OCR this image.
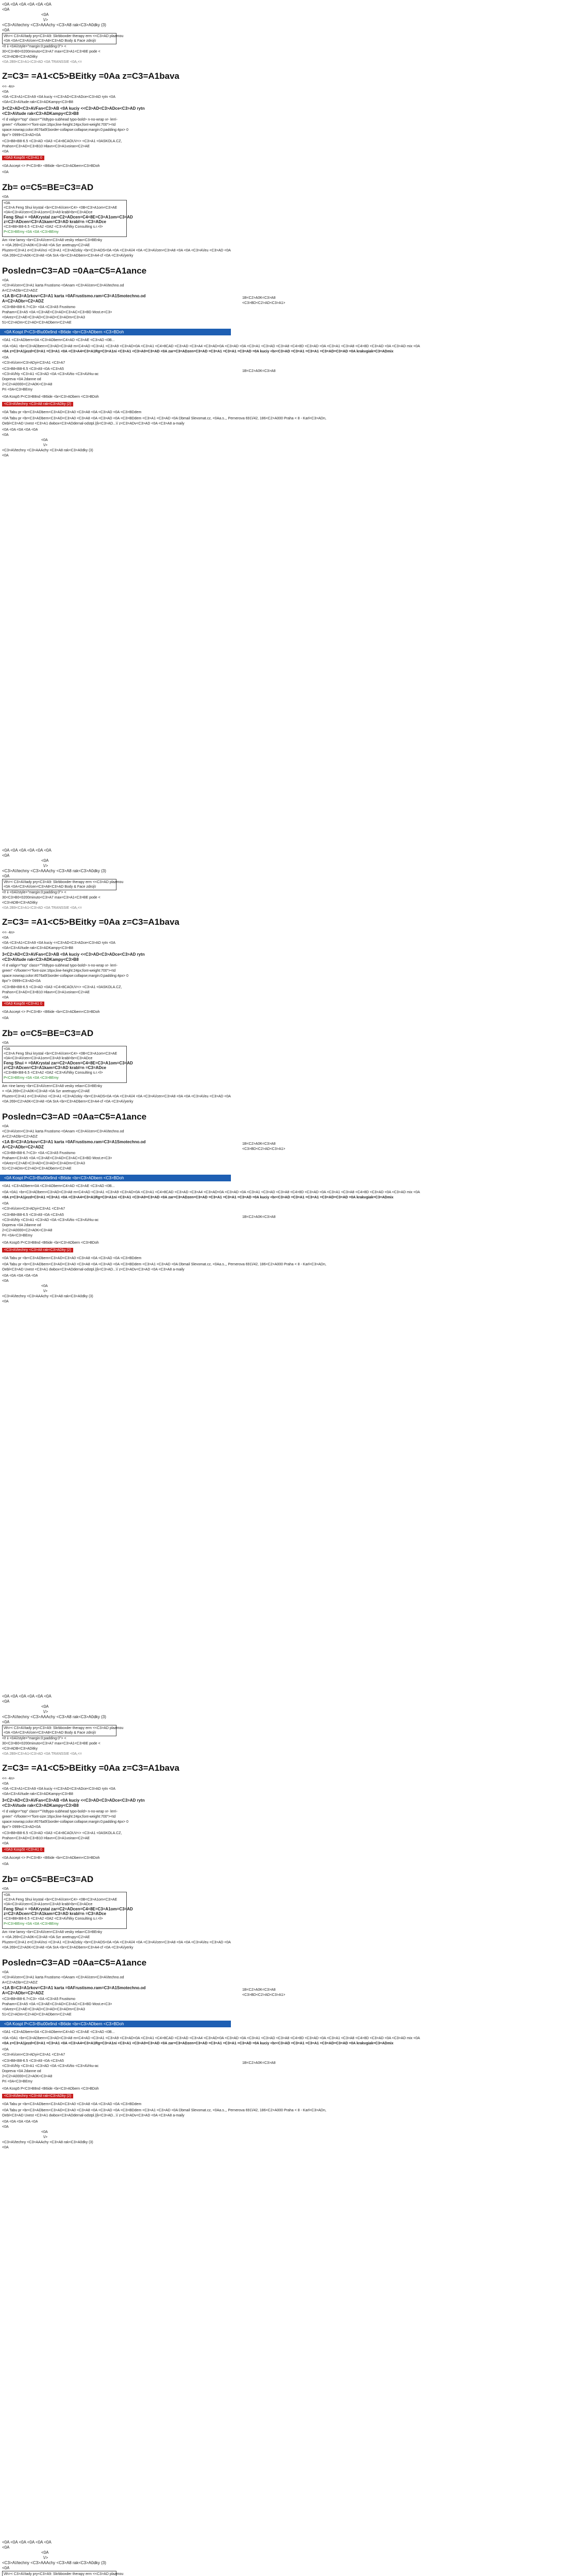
<0A <0A <0A <0A <0A <0A
<0A
<0A
\/>
<C3>A\/techny <C3>AAAchy <C3>A8 rak<C3>A0dky (3)
<0A
\/th>< C3>A\/tady pry<C3>A9: Skrbboxder therapy erm <<C3>AD plazmou
<0A <0A<C3>A\/cen<C3>A8<C3>AD Body & Face zdroj\/
<l! ii <0A\/style="margin:0;padding:0"> <
30<C3>B0<0200minuto<C3>A7 max<C3>A1<C3>BE pode <
<C3>ADB<C3>ADitky
<0A 2B9<C3>A1<C3>AD <0A TRANSSIE <0A,<=
Z=C3= =A1<C5>BEitky =0Aa z=C3=A1bava
<<- 4n>
<0A
<0A <C3>A1<C3>A9 <0A kuciy <<C3>AD<C3>ADce<C3>AD rytn <0A
<0A<C3>A\/tude rak<C3>ADKampy<C3>B8
3<C2>AD<C3>A\/Fan<C3>AB <0A kuciy <<C3>AD<C3>ADce<C3>AD rytn
<C3>A\/tude rak<C3>ADKampy<C3>B8
<l d valign="top" class=""\/tdtypo-subhead typo-bold> n-no-wrap vr- lerri-
green" <\/footer>="font-size:16px;line-height:24px;font-weight:700"><td
space:nowrap;color:#076a5f;border-collapse:collapse;margin:0;padding:4px> 0
8px"> 0999<C3>AD<0A
<C3>B8<B8-6.5 <C3>AD <0A3 <C4>8CAOUV<> <C3>A1 <0ASKOLA.CZ,
Prahon<C3>AD<C3>B10 Hlavn<C3>A1voiran<C2>AE
<0A
<0A3 Kosp5t <C3>A1 0
<0A Accept <> P<C3>B> <B6ide <br<C3>ADbern<C3>BDoh
<0A
Zb= o=C5=BE=C3=AD
<0A
<0A
<C3>A Feng Shui krystal <br<C3>A\/cen<C4> <0B<C3>A1om<C3>AE
<0A<C3>A\/cen<C3>A1om<C3>A9 krabl<br<C3>ADce
Feng Shui = =0AKrystal zar=C2=ADcen=C4=8E=C3=A1om=C3=AD
z=C2=ADcen=C3=A1kam=C3=AD krabl=n =C3=ADce
<C3>B8<B8-6.5 <C3>A2 <0A2 <C3>A\/hlky Consulting s.r.<l>
P<C3>BEmy <0A <0A <C3>BEmy
Am =ine lamry <br<C3>A\/cen<C3>A8 vesky relax<C3>BEnky
= <0A 269<C2>A0K<C3>A8 <0A Szr anetrupy<C2>AE
Pluzen<C3>A1 e<C3>A\/nci <C3>A1 <C3>ADzkiy <br<C3>ADS<0A <0A <C3>A\/4 <0A <C3>A\/cen<C3>A8 <0A <0A <C3>A\/eu <C3>AD <0A
<0A 269<C2>A0K<C3>A8 <0A SrA <br<C3>ADbern<C3>A4-cf <0A <C3>A\/yerky
Posledn=C3=AD =0Aa=C5=A1ance
<0A
<C3>A\/cen<C3>A1 karta Frustismo <0Anam <C3>A\/cen<C3>A\/techno.od
A<C2>ADbr<C2>ADZ
<1A B=C3=A1rkov=C3=A1 karta =0AFrustismo.ram=C3=A1Smotechno.od
A=C2=ADbr=C2=ADZ
<C3>B8<B8-6.7<C3> <0A <C3>A5 Frustismo
Praham<C3>A5 <0A <C3>AE<C3>AD<C3>AC<C3>BD Most.e<C3>
<0Arez<C2>AE<C3>AD<C3>AD<C3>ADm<C3>A3
51<C2>ADm<C2>AD<C3>ADbern<C2>AE
1B<C2>A0K<C3>A8
<C3>BD<C2>AD<C3>A1>
<0A Kospt P<C3>B\u00e9nd <B6ide <br<C3>ADbern <C3>BDoh
<0A1 <C3>ADbern<0A <C3>ADbem<C4>AD <C3>AE <C3>AD <0B...
<0A <0A1 <br<C3>ADbern<C3>AD<C3>A8 m<C4>AD <C3>A1 <C3>A9 <C3>AD<0A <C3>A1 <C4>8CAD <C3>AD <C3>A4 <C3>AD<0A <C3>AD <0A <C3>A1 <C3>AD <C3>A8 <C4>8D <C3>AD <0A <C3>A1 <C3>A8 <C4>8D <C3>AD <0A <C3>AD mix <0A
<0A z=C3=A1jezd=C3=A1 =C3=A1 <0A <C3>A4=C3=A1Rg=C3=A1ni <C3>A1 <C3>A0=C3=AD <0A zar=C3=ADzen=C3=AD =C3=A1 =C3=A1 =C3=AD =0A kuciy <br<C3>AD =C3=A1 =C3=A1 =C3=AD=C3=AD =0A krakvgiak=C3=ADmix
<0A
<C3>A\/cen<C3>ADyi<C3>A1 <C3>A7
<C3>B8<B8-6.5 <C3>A9 <0A <C3>A5
<C3>A\/hly <C3>A1 <C3>AD <0A <C3>A\/tio <C3>A\/rku-ac
Dopreva <0A 2danne od
2<C2>A0000<C2>A0K<C3>A8
Pri <0A<C3>BEmy
1B<C2>A0K<C3>A8
<0A Kosp5 P<C3>B8nd <B6ide <br<C3>ADbern <C3>BDoh
<C3>A\/techny <C3>A8 rak<C3>ADky (2)
<0A Tabu pr <br<C3>ADbern<C3>AD<C3>A0 <C3>A8 <0A <C3>AD <0A <C3>BDdem
<0A Tabu pr <br<C3>ADbern<C3>AD<C3>A0 <C3>A8 <0A <C3>AD <0A <C3>BDdem <C3>A1 <C3>AD <0A Dbmail Slevomat.cz, <0Aa.s.,, Pernerova 691\/42, 186<C2>A000 Praha < 8 - Karl<C3>ADn,
Oebl<C3>AD Uvest <C3>A1 dwbox<C3>ADdernal-odstpl.|(k<C3>AD...\/ z<C3>ADv<C3>AD <0A <C3>A8 a-maily
<0A <0A <0A <0A <0A
<0A
<0A
\/>
<C3>A\/techny <C3>AAAchy <C3>A8 rak<C3>A0dky (3)
<0A
<0A <0A <0A <0A <0A <0A
<0A
<0A
\/>
<C3>A\/techny <C3>AAAchy <C3>A8 rak<C3>A0dky (3)
<0A
\/th>< C3>A\/tady pry<C3>A9: Skrbboxder therapy erm <<C3>AD plazmou
<0A <0A<C3>A\/cen<C3>A8<C3>AD Body & Face zdroj\/
<l! ii <0A\/style="margin:0;padding:0"> <
30<C3>B0<0200minuto<C3>A7 max<C3>A1<C3>BE pode <
<C3>ADB<C3>ADitky
<0A 2B9<C3>A1<C3>AD <0A TRANSSIE <0A,<=
Z=C3= =A1<C5>BEitky =0Aa z=C3=A1bava
<<- 4n>
<0A
<0A <C3>A1<C3>A9 <0A kuciy <<C3>AD<C3>ADce<C3>AD rytn <0A
<0A<C3>A\/tude rak<C3>ADKampy<C3>B8
3<C2>AD<C3>A\/Fan<C3>AB <0A kuciy <<C3>AD<C3>ADce<C3>AD rytn
<C3>A\/tude rak<C3>ADKampy<C3>B8
<l d valign="top" class=""\/tdtypo-subhead typo-bold> n-no-wrap vr- lerri-
green" <\/footer>="font-size:16px;line-height:24px;font-weight:700"><td
space:nowrap;color:#076a5f;border-collapse:collapse;margin:0;padding:4px> 0
8px"> 0999<C3>AD<0A
<C3>B8<B8-6.5 <C3>AD <0A3 <C4>8CAOUV<> <C3>A1 <0ASKOLA.CZ,
Prahon<C3>AD<C3>B10 Hlavn<C3>A1voiran<C2>AE
<0A
<0A3 Kosp5t <C3>A1 0
<0A Accept <> P<C3>B> <B6ide <br<C3>ADbern<C3>BDoh
<0A
Zb= o=C5=BE=C3=AD
<0A
<0A
<C3>A Feng Shui krystal <br<C3>A\/cen<C4> <0B<C3>A1om<C3>AE
<0A<C3>A\/cen<C3>A1om<C3>A9 krabl<br<C3>ADce
Feng Shui = =0AKrystal zar=C2=ADcen=C4=8E=C3=A1om=C3=AD
z=C2=ADcen=C3=A1kam=C3=AD krabl=n =C3=ADce
<C3>B8<B8-6.5 <C3>A2 <0A2 <C3>A\/hlky Consulting s.r.<l>
P<C3>BEmy <0A <0A <C3>BEmy
Am =ine lamry <br<C3>A\/cen<C3>A8 vesky relax<C3>BEnky
= <0A 269<C2>A0K<C3>A8 <0A Szr anetrupy<C2>AE
Pluzen<C3>A1 e<C3>A\/nci <C3>A1 <C3>ADzkiy <br<C3>ADS<0A <0A <C3>A\/4 <0A <C3>A\/cen<C3>A8 <0A <0A <C3>A\/eu <C3>AD <0A
<0A 269<C2>A0K<C3>A8 <0A SrA <br<C3>ADbern<C3>A4-cf <0A <C3>A\/yerky
Posledn=C3=AD =0Aa=C5=A1ance
<0A
<C3>A\/cen<C3>A1 karta Frustismo <0Anam <C3>A\/cen<C3>A\/techno.od
A<C2>ADbr<C2>ADZ
<1A B=C3=A1rkov=C3=A1 karta =0AFrustismo.ram=C3=A1Smotechno.od
A=C2=ADbr=C2=ADZ
<C3>B8<B8-6.7<C3> <0A <C3>A5 Frustismo
Praham<C3>A5 <0A <C3>AE<C3>AD<C3>AC<C3>BD Most.e<C3>
<0Arez<C2>AE<C3>AD<C3>AD<C3>ADm<C3>A3
51<C2>ADm<C2>AD<C3>ADbern<C2>AE
1B<C2>A0K<C3>A8
<C3>BD<C2>AD<C3>A1>
<0A Kospt P<C3>B\u00e9nd <B6ide <br<C3>ADbern <C3>BDoh
<0A1 <C3>ADbern<0A <C3>ADbem<C4>AD <C3>AE <C3>AD <0B...
<0A <0A1 <br<C3>ADbern<C3>AD<C3>A8 m<C4>AD <C3>A1 <C3>A9 <C3>AD<0A <C3>A1 <C4>8CAD <C3>AD <C3>A4 <C3>AD<0A <C3>AD <0A <C3>A1 <C3>AD <C3>A8 <C4>8D <C3>AD <0A <C3>A1 <C3>A8 <C4>8D <C3>AD <0A <C3>AD mix <0A
<0A z=C3=A1jezd=C3=A1 =C3=A1 <0A <C3>A4=C3=A1Rg=C3=A1ni <C3>A1 <C3>A0=C3=AD <0A zar=C3=ADzen=C3=AD =C3=A1 =C3=A1 =C3=AD =0A kuciy <br<C3>AD =C3=A1 =C3=A1 =C3=AD=C3=AD =0A krakvgiak=C3=ADmix
<0A
<C3>A\/cen<C3>ADyi<C3>A1 <C3>A7
<C3>B8<B8-6.5 <C3>A9 <0A <C3>A5
<C3>A\/hly <C3>A1 <C3>AD <0A <C3>A\/tio <C3>A\/rku-ac
Dopreva <0A 2danne od
2<C2>A0000<C2>A0K<C3>A8
Pri <0A<C3>BEmy
1B<C2>A0K<C3>A8
<0A Kosp5 P<C3>B8nd <B6ide <br<C3>ADbern <C3>BDoh
<C3>A\/techny <C3>A8 rak<C3>ADky (2)
<0A Tabu pr <br<C3>ADbern<C3>AD<C3>A0 <C3>A8 <0A <C3>AD <0A <C3>BDdem
<0A Tabu pr <br<C3>ADbern<C3>AD<C3>A0 <C3>A8 <0A <C3>AD <0A <C3>BDdem <C3>A1 <C3>AD <0A Dbmail Slevomat.cz, <0Aa.s.,, Pernerova 691\/42, 186<C2>A000 Praha < 8 - Karl<C3>ADn,
Oebl<C3>AD Uvest <C3>A1 dwbox<C3>ADdernal-odstpl.|(k<C3>AD...\/ z<C3>ADv<C3>AD <0A <C3>A8 a-maily
<0A <0A <0A <0A <0A
<0A
<0A
\/>
<C3>A\/techny <C3>AAAchy <C3>A8 rak<C3>A0dky (3)
<0A
<0A <0A <0A <0A <0A <0A
<0A
<0A
\/>
<C3>A\/techny <C3>AAAchy <C3>A8 rak<C3>A0dky (3)
<0A
\/th>< C3>A\/tady pry<C3>A9: Skrbboxder therapy erm <<C3>AD plazmou
<0A <0A<C3>A\/cen<C3>A8<C3>AD Body & Face zdroj\/
<l! ii <0A\/style="margin:0;padding:0"> <
30<C3>B0<0200minuto<C3>A7 max<C3>A1<C3>BE pode <
<C3>ADB<C3>ADitky
<0A 2B9<C3>A1<C3>AD <0A TRANSSIE <0A,<=
Z=C3= =A1<C5>BEitky =0Aa z=C3=A1bava
<<- 4n>
<0A
<0A <C3>A1<C3>A9 <0A kuciy <<C3>AD<C3>ADce<C3>AD rytn <0A
<0A<C3>A\/tude rak<C3>ADKampy<C3>B8
3<C2>AD<C3>A\/Fan<C3>AB <0A kuciy <<C3>AD<C3>ADce<C3>AD rytn
<C3>A\/tude rak<C3>ADKampy<C3>B8
<l d valign="top" class=""\/tdtypo-subhead typo-bold> n-no-wrap vr- lerri-
green" <\/footer>="font-size:16px;line-height:24px;font-weight:700"><td
space:nowrap;color:#076a5f;border-collapse:collapse;margin:0;padding:4px> 0
8px"> 0999<C3>AD<0A
<C3>B8<B8-6.5 <C3>AD <0A3 <C4>8CAOUV<> <C3>A1 <0ASKOLA.CZ,
Prahon<C3>AD<C3>B10 Hlavn<C3>A1voiran<C2>AE
<0A
<0A3 Kosp5t <C3>A1 0
<0A Accept <> P<C3>B> <B6ide <br<C3>ADbern<C3>BDoh
<0A
Zb= o=C5=BE=C3=AD
<0A
<0A
<C3>A Feng Shui krystal <br<C3>A\/cen<C4> <0B<C3>A1om<C3>AE
<0A<C3>A\/cen<C3>A1om<C3>A9 krabl<br<C3>ADce
Feng Shui = =0AKrystal zar=C2=ADcen=C4=8E=C3=A1om=C3=AD
z=C2=ADcen=C3=A1kam=C3=AD krabl=n =C3=ADce
<C3>B8<B8-6.5 <C3>A2 <0A2 <C3>A\/hlky Consulting s.r.<l>
P<C3>BEmy <0A <0A <C3>BEmy
Am =ine lamry <br<C3>A\/cen<C3>A8 vesky relax<C3>BEnky
= <0A 269<C2>A0K<C3>A8 <0A Szr anetrupy<C2>AE
Pluzen<C3>A1 e<C3>A\/nci <C3>A1 <C3>ADzkiy <br<C3>ADS<0A <0A <C3>A\/4 <0A <C3>A\/cen<C3>A8 <0A <0A <C3>A\/eu <C3>AD <0A
<0A 269<C2>A0K<C3>A8 <0A SrA <br<C3>ADbern<C3>A4-cf <0A <C3>A\/yerky
Posledn=C3=AD =0Aa=C5=A1ance
<0A
<C3>A\/cen<C3>A1 karta Frustismo <0Anam <C3>A\/cen<C3>A\/techno.od
A<C2>ADbr<C2>ADZ
<1A B=C3=A1rkov=C3=A1 karta =0AFrustismo.ram=C3=A1Smotechno.od
A=C2=ADbr=C2=ADZ
<C3>B8<B8-6.7<C3> <0A <C3>A5 Frustismo
Praham<C3>A5 <0A <C3>AE<C3>AD<C3>AC<C3>BD Most.e<C3>
<0Arez<C2>AE<C3>AD<C3>AD<C3>ADm<C3>A3
51<C2>ADm<C2>AD<C3>ADbern<C2>AE
1B<C2>A0K<C3>A8
<C3>BD<C2>AD<C3>A1>
<0A Kospt P<C3>B\u00e9nd <B6ide <br<C3>ADbern <C3>BDoh
<0A1 <C3>ADbern<0A <C3>ADbem<C4>AD <C3>AE <C3>AD <0B...
<0A <0A1 <br<C3>ADbern<C3>AD<C3>A8 m<C4>AD <C3>A1 <C3>A9 <C3>AD<0A <C3>A1 <C4>8CAD <C3>AD <C3>A4 <C3>AD<0A <C3>AD <0A <C3>A1 <C3>AD <C3>A8 <C4>8D <C3>AD <0A <C3>A1 <C3>A8 <C4>8D <C3>AD <0A <C3>AD mix <0A
<0A z=C3=A1jezd=C3=A1 =C3=A1 <0A <C3>A4=C3=A1Rg=C3=A1ni <C3>A1 <C3>A0=C3=AD <0A zar=C3=ADzen=C3=AD =C3=A1 =C3=A1 =C3=AD =0A kuciy <br<C3>AD =C3=A1 =C3=A1 =C3=AD=C3=AD =0A krakvgiak=C3=ADmix
<0A
<C3>A\/cen<C3>ADyi<C3>A1 <C3>A7
<C3>B8<B8-6.5 <C3>A9 <0A <C3>A5
<C3>A\/hly <C3>A1 <C3>AD <0A <C3>A\/tio <C3>A\/rku-ac
Dopreva <0A 2danne od
2<C2>A0000<C2>A0K<C3>A8
Pri <0A<C3>BEmy
1B<C2>A0K<C3>A8
<0A Kosp5 P<C3>B8nd <B6ide <br<C3>ADbern <C3>BDoh
<C3>A\/techny <C3>A8 rak<C3>ADky (2)
<0A Tabu pr <br<C3>ADbern<C3>AD<C3>A0 <C3>A8 <0A <C3>AD <0A <C3>BDdem
<0A Tabu pr <br<C3>ADbern<C3>AD<C3>A0 <C3>A8 <0A <C3>AD <0A <C3>BDdem <C3>A1 <C3>AD <0A Dbmail Slevomat.cz, <0Aa.s.,, Pernerova 691\/42, 186<C2>A000 Praha < 8 - Karl<C3>ADn,
Oebl<C3>AD Uvest <C3>A1 dwbox<C3>ADdernal-odstpl.|(k<C3>AD...\/ z<C3>ADv<C3>AD <0A <C3>A8 a-maily
<0A <0A <0A <0A <0A
<0A
<0A
\/>
<C3>A\/techny <C3>AAAchy <C3>A8 rak<C3>A0dky (3)
<0A
<0A <0A <0A <0A <0A <0A
<0A
<0A
\/>
<C3>A\/techny <C3>AAAchy <C3>A8 rak<C3>A0dky (3)
<0A
\/th>< C3>A\/tady pry<C3>A9: Skrbboxder therapy erm <<C3>AD plazmou
